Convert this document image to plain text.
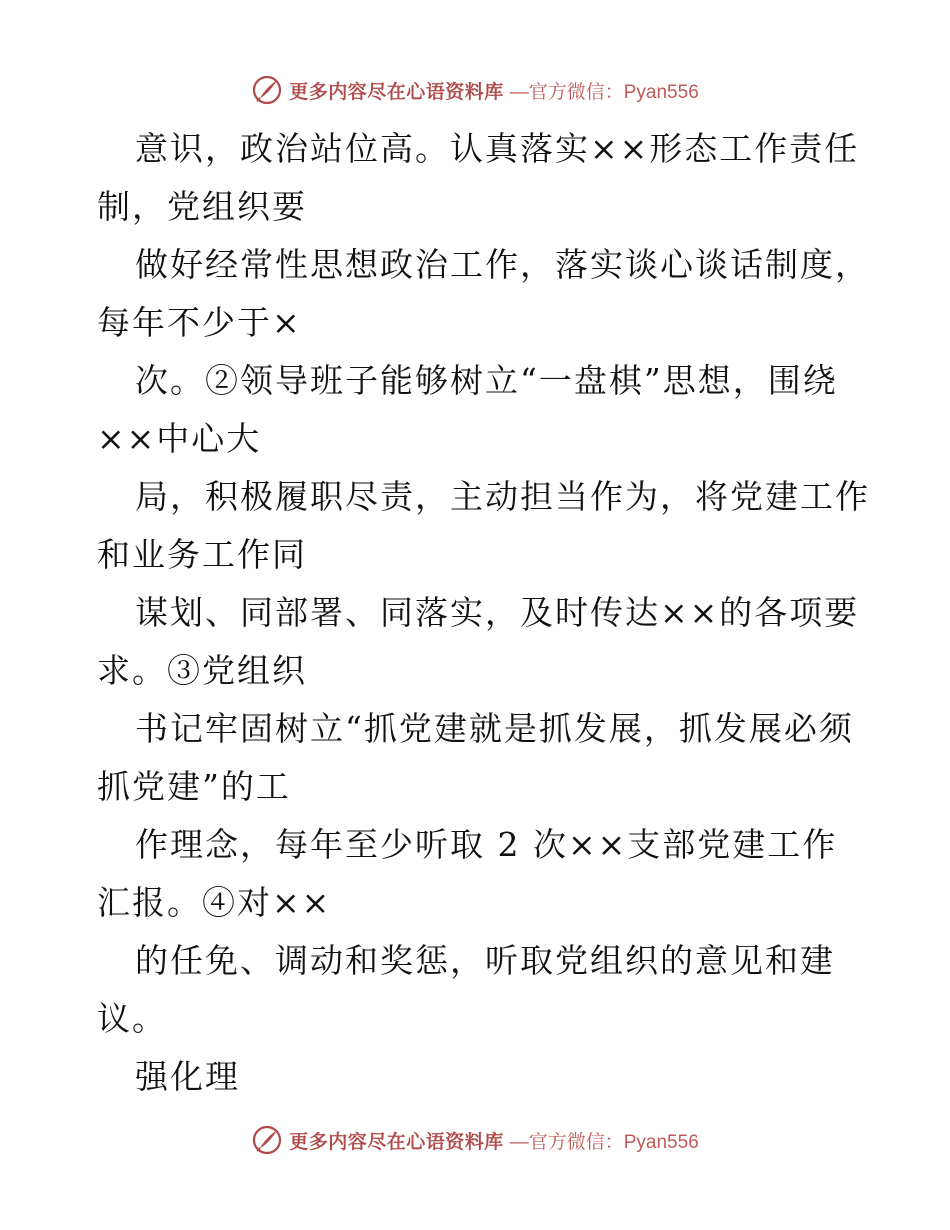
更多内容尽在心语资料库 —官方微信：Pyan556
意识，政治站位高。认真落实××形态工作责任
制，党组织要
做好经常性思想政治工作，落实谈心谈话制度，
每年不少于×
次。②领导班子能够树立“一盘棋”思想，围绕
××中心大
局，积极履职尽责，主动担当作为，将党建工作
和业务工作同
谋划、同部署、同落实，及时传达××的各项要
求。③党组织
书记牢固树立“抓党建就是抓发展，抓发展必须
抓党建”的工
作理念，每年至少听取 2 次××支部党建工作
汇报。④对××
的任免、调动和奖惩，听取党组织的意见和建
议。
强化理
更多内容尽在心语资料库 —官方微信：Pyan556
